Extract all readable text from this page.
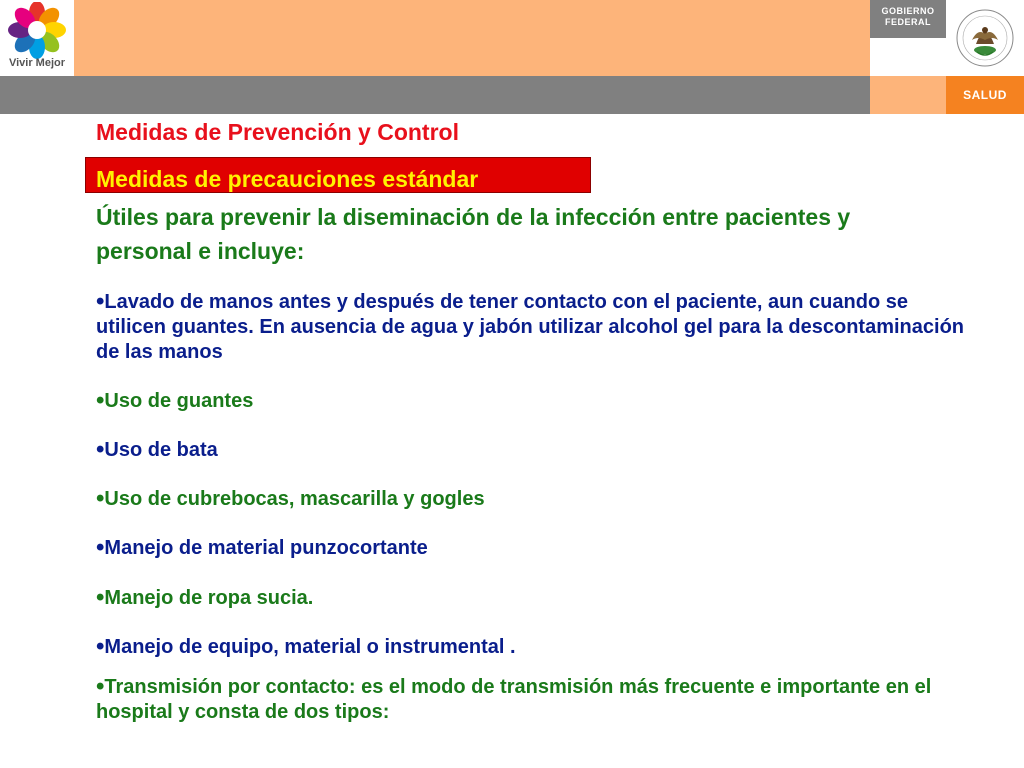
Vivir Mejor
GOBIERNO
FEDERAL
SALUD
Medidas de Prevención y Control
Medidas de precauciones estándar

Útiles para prevenir la diseminación de la infección entre pacientes y personal e incluye:

•Lavado de manos antes y después de tener contacto con el paciente, aun cuando se utilicen guantes. En ausencia de agua y jabón utilizar alcohol gel para la descontaminación de las manos

•Uso de guantes

•Uso de bata

•Uso de cubrebocas, mascarilla y gogles

•Manejo de material punzocortante

•Manejo de ropa sucia.

•Manejo de equipo, material o instrumental .

•Transmisión por contacto: es el modo de transmisión más frecuente e importante en el hospital y consta de dos tipos:
